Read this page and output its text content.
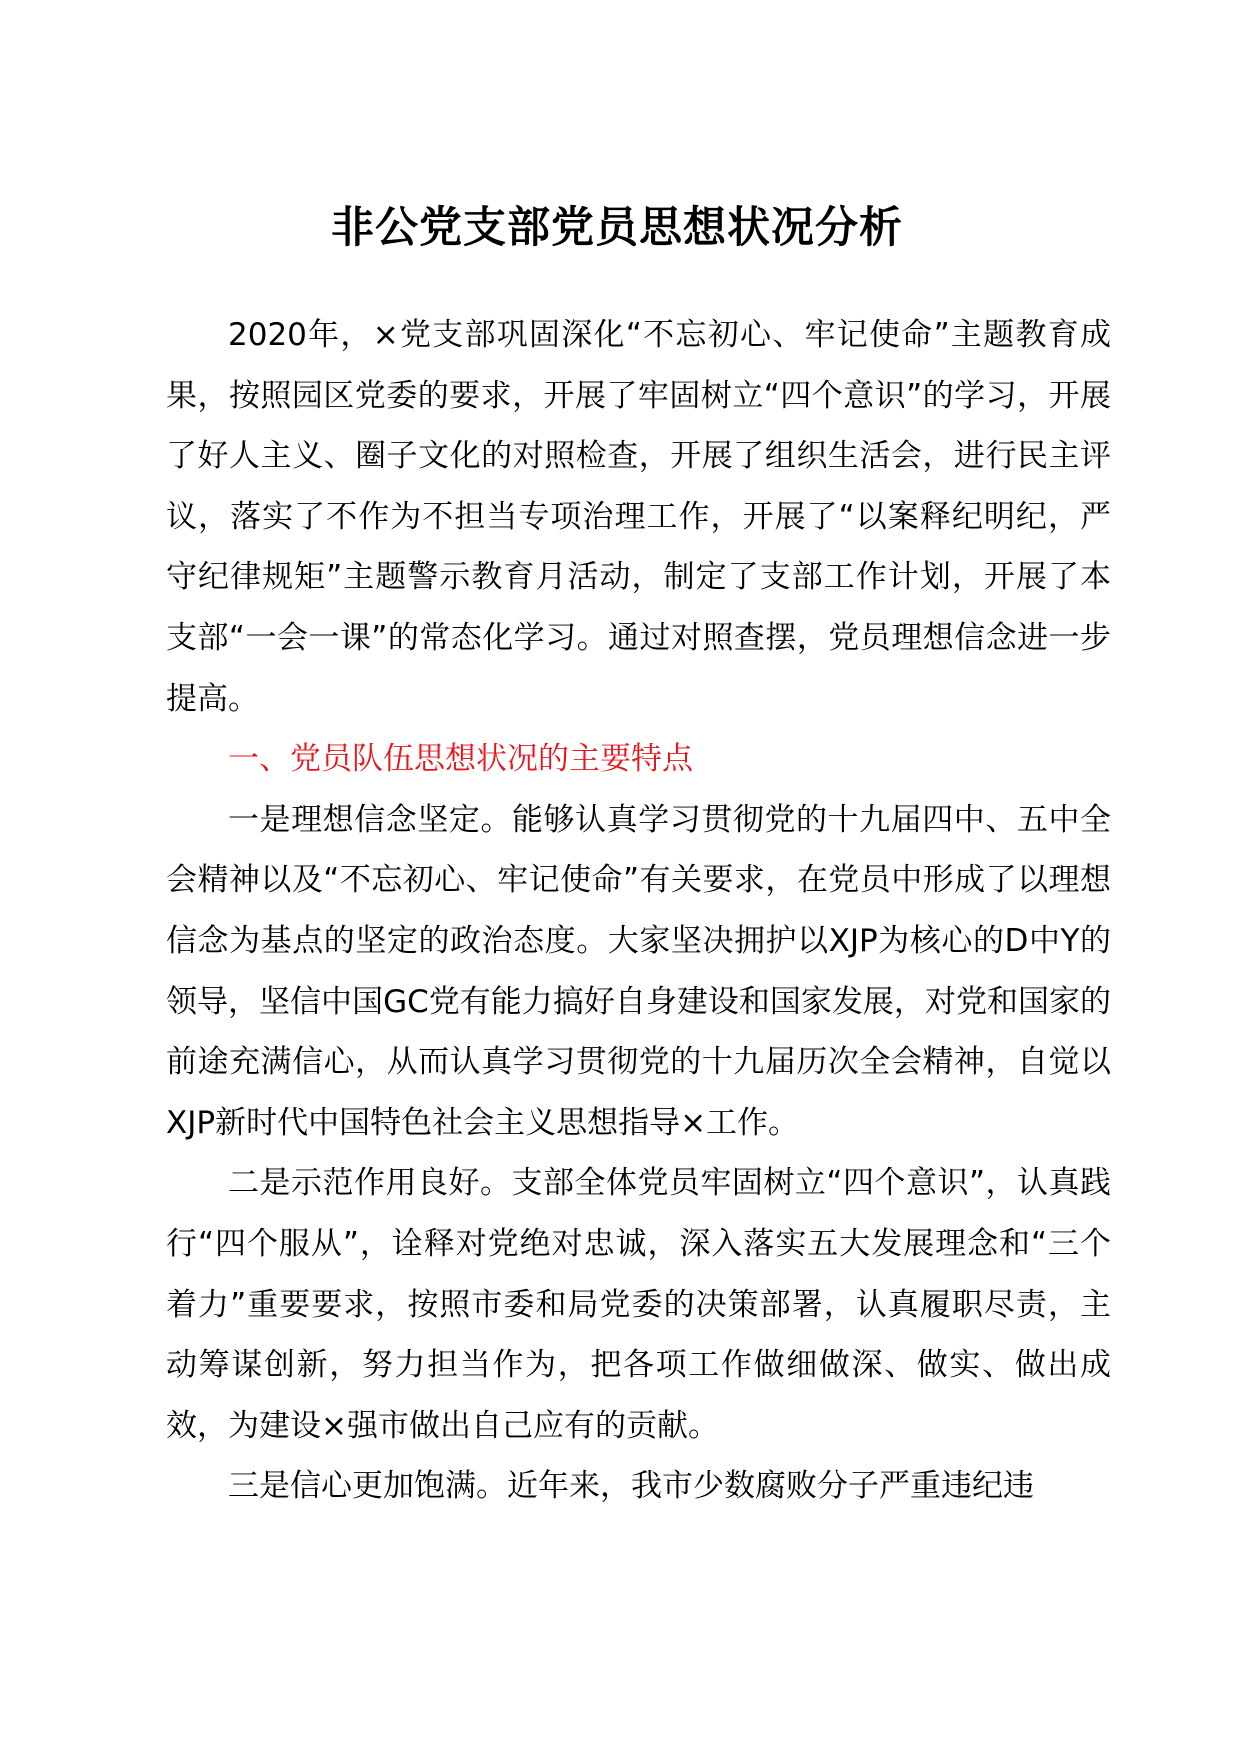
非公党支部党员思想状况分析

2020年，×党支部巩固深化“不忘初心、牢记使命”主题教育成果，按照园区党委的要求，开展了牢固树立“四个意识”的学习，开展了好人主义、圈子文化的对照检查，开展了组织生活会，进行民主评议，落实了不作为不担当专项治理工作，开展了“以案释纪明纪，严守纪律规矩”主题警示教育月活动，制定了支部工作计划，开展了本支部“一会一课”的常态化学习。通过对照查摆，党员理想信念进一步提高。

一、党员队伍思想状况的主要特点

一是理想信念坚定。能够认真学习贯彻党的十九届四中、五中全会精神以及“不忘初心、牢记使命”有关要求，在党员中形成了以理想信念为基点的坚定的政治态度。大家坚决拥护以XJP为核心的D中Y的领导，坚信中国GC党有能力搞好自身建设和国家发展，对党和国家的前途充满信心，从而认真学习贯彻党的十九届历次全会精神，自觉以XJP新时代中国特色社会主义思想指导×工作。

二是示范作用良好。支部全体党员牢固树立“四个意识”，认真践行“四个服从”，诠释对党绝对忠诚，深入落实五大发展理念和“三个着力”重要要求，按照市委和局党委的决策部署，认真履职尽责，主动筹谋创新，努力担当作为，把各项工作做细做深、做实、做出成效，为建设×强市做出自己应有的贡献。

三是信心更加饱满。近年来，我市少数腐败分子严重违纪违
